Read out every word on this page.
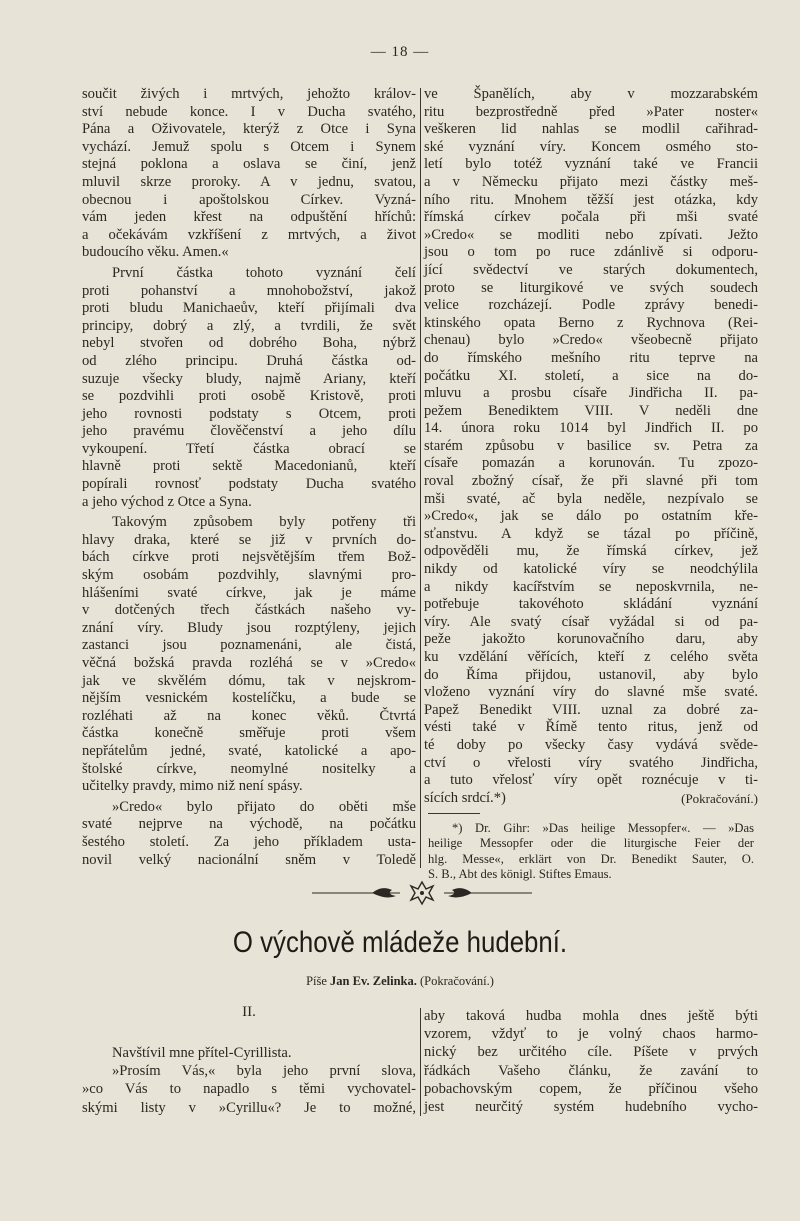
— 18 —
součit živých i mrtvých, jehožto králov-
ství nebude konce. I v Ducha svatého,
Pána a Oživovatele, kterýž z Otce i Syna
vychází. Jemuž spolu s Otcem i Synem
stejná poklona a oslava se činí, jenž
mluvil skrze proroky. A v jednu, svatou,
obecnou i apoštolskou Církev. Vyzná-
vám jeden křest na odpuštění hříchů:
a očekávám vzkříšení z mrtvých, a život
budoucího věku. Amen.«
První částka tohoto vyznání čelí
proti pohanství a mnohobožství, jakož
proti bludu Manichaeův, kteří přijímali dva
principy, dobrý a zlý, a tvrdili, že svět
nebyl stvořen od dobrého Boha, nýbrž
od zlého principu. Druhá částka od-
suzuje všecky bludy, najmě Ariany, kteří
se pozdvihli proti osobě Kristově, proti
jeho rovnosti podstaty s Otcem, proti
jeho pravému člověčenství a jeho dílu
vykoupení. Třetí částka obrací se
hlavně proti sektě Macedonianů, kteří
popírali rovnosť podstaty Ducha svatého
a jeho východ z Otce a Syna.
Takovým způsobem byly potřeny tři
hlavy draka, které se již v prvních do-
bách církve proti nejsvětějším třem Bož-
ským osobám pozdvihly, slavnými pro-
hlášeními svaté církve, jak je máme
v dotčených třech částkách našeho vy-
znání víry. Bludy jsou rozptýleny, jejich
zastanci jsou poznamenáni, ale čistá,
věčná božská pravda rozléhá se v »Credo«
jak ve skvělém dómu, tak v nejskrom-
nějším vesnickém kostelíčku, a bude se
rozléhati až na konec věků. Čtvrtá
částka konečně směřuje proti všem
nepřátelům jedné, svaté, katolické a apo-
štolské církve, neomylné nositelky a
učitelky pravdy, mimo niž není spásy.
»Credo« bylo přijato do oběti mše
svaté nejprve na východě, na počátku
šestého století. Za jeho příkladem usta-
novil velký nacionální sněm v Toledě
ve Španělích, aby v mozzarabském
ritu bezprostředně před »Pater noster«
veškeren lid nahlas se modlil cařihrad-
ské vyznání víry. Koncem osmého sto-
letí bylo totéž vyznání také ve Francii
a v Německu přijato mezi částky meš-
ního ritu. Mnohem těžší jest otázka, kdy
římská církev počala při mši svaté
»Credo« se modliti nebo zpívati. Ježto
jsou o tom po ruce zdánlivě si odporu-
jící svědectví ve starých dokumentech,
proto se liturgikové ve svých soudech
velice rozcházejí. Podle zprávy benedi-
ktinského opata Berno z Rychnova (Rei-
chenau) bylo »Credo« všeobecně přijato
do římského mešního ritu teprve na
počátku XI. století, a sice na do-
mluvu a prosbu císaře Jindřicha II. pa-
pežem Benediktem VIII. V neděli dne
14. února roku 1014 byl Jindřich II. po
starém způsobu v basilice sv. Petra za
císaře pomazán a korunován. Tu zpozo-
roval zbožný císař, že při slavné při tom
mši svaté, ač byla neděle, nezpívalo se
»Credo«, jak se dálo po ostatním kře-
sťanstvu. A když se tázal po příčině,
odpověděli mu, že římská církev, jež
nikdy od katolické víry se neodchýlila
a nikdy kacířstvím se neposkvrnila, ne-
potřebuje takovéhoto skládání vyznání
víry. Ale svatý císař vyžádal si od pa-
peže jakožto korunovačního daru, aby
ku vzdělání věřících, kteří z celého světa
do Říma přijdou, ustanovil, aby bylo
vloženo vyznání víry do slavné mše svaté.
Papež Benedikt VIII. uznal za dobré za-
vésti také v Římě tento ritus, jenž od
té doby po všecky časy vydává svěde-
ctví o vřelosti víry svatého Jindřicha,
a tuto vřelosť víry opět roznécuje v ti-
sících srdcí.*)	(Pokračování.)
*) Dr. Gihr: »Das heilige Messopfer«. — »Das
heilige Messopfer oder die liturgische Feier der
hlg. Messe«, erklärt von Dr. Benedikt Sauter, O.
S. B., Abt des königl. Stiftes Emaus.
O výchově mládeže hudební.
Píše Jan Ev. Zelinka. (Pokračování.)
II.
Navštívil mne přítel-Cyrillista.
»Prosím Vás,« byla jeho první slova,
»co Vás to napadlo s těmi vychovatel-
skými listy v »Cyrillu«? Je to možné,
aby taková hudba mohla dnes ještě býti
vzorem, vždyť to je volný chaos harmo-
nický bez určitého cíle. Píšete v prvých
řádkách Vašeho článku, že zavání to
pobachovským copem, že příčinou všeho
jest neurčitý systém hudebního vycho-
